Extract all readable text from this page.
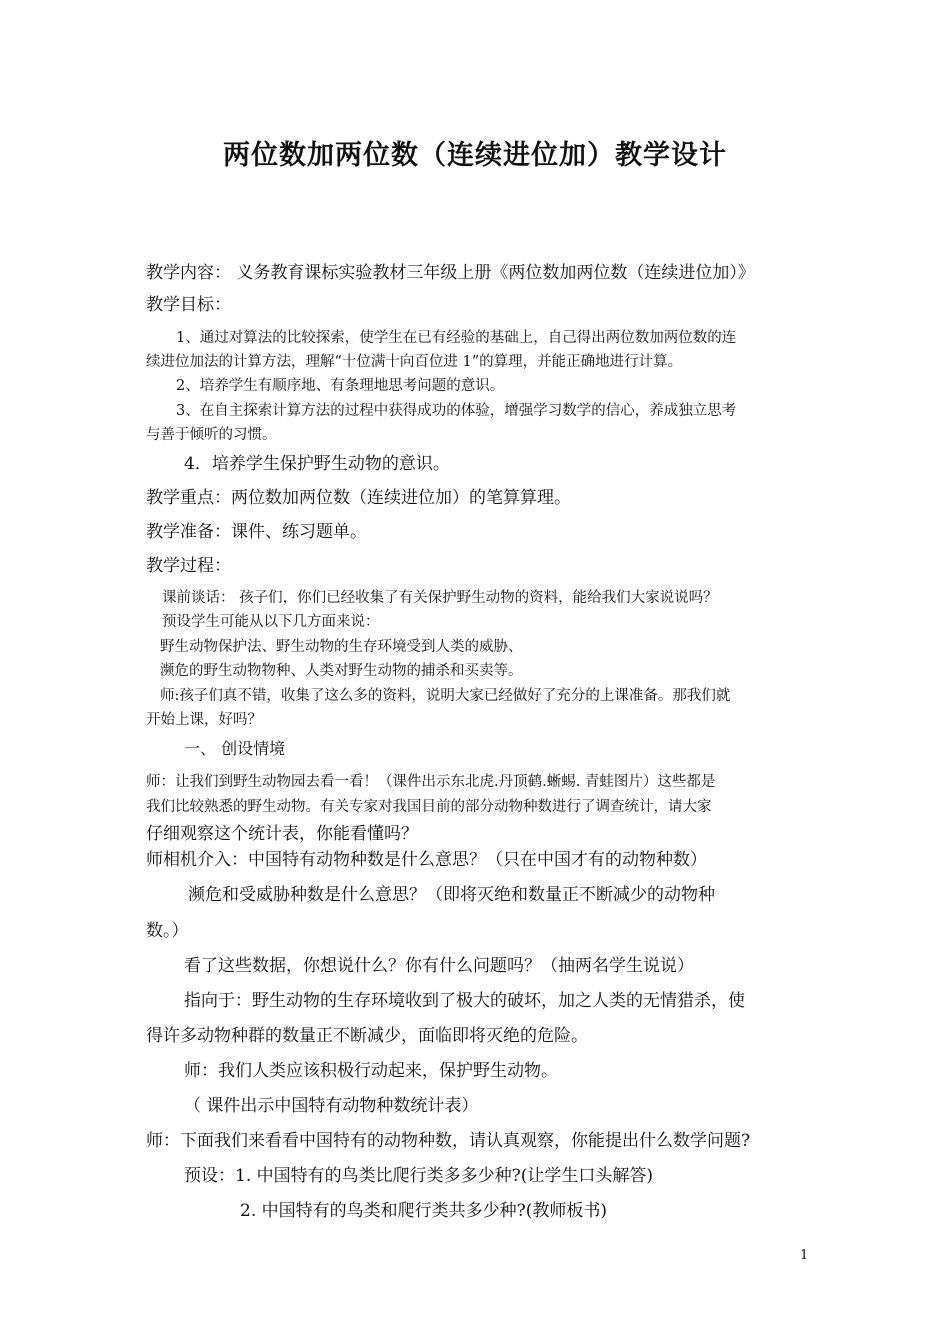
两位数加两位数（连续进位加）教学设计
教学内容： 义务教育课标实验教材三年级上册《两位数加两位数（连续进位加）》
教学目标：
1、通过对算法的比较探索，使学生在已有经验的基础上，自己得出两位数加两位数的连
续进位加法的计算方法，理解“十位满十向百位进 1”的算理，并能正确地进行计算。
2、培养学生有顺序地、有条理地思考问题的意识。
3、在自主探索计算方法的过程中获得成功的体验，增强学习数学的信心，养成独立思考
与善于倾听的习惯。
4．培养学生保护野生动物的意识。
教学重点：两位数加两位数（连续进位加）的笔算算理。
教学准备：课件、练习题单。
教学过程：
课前谈话： 孩子们，你们已经收集了有关保护野生动物的资料，能给我们大家说说吗？
预设学生可能从以下几方面来说：
野生动物保护法、野生动物的生存环境受到人类的威胁、
濒危的野生动物物种、人类对野生动物的捕杀和买卖等。
师:孩子们真不错，收集了这么多的资料，说明大家已经做好了充分的上课准备。那我们就
开始上课，好吗？
一、 创设情境
师：让我们到野生动物园去看一看！（课件出示东北虎.丹顶鹤.蜥蜴. 青蛙图片）这些都是
我们比较熟悉的野生动物。有关专家对我国目前的部分动物种数进行了调查统计，请大家
仔细观察这个统计表，你能看懂吗？
师相机介入：中国特有动物种数是什么意思？（只在中国才有的动物种数）
濒危和受威胁种数是什么意思？（即将灭绝和数量正不断减少的动物种
数。）
看了这些数据，你想说什么？你有什么问题吗？（抽两名学生说说）
指向于：野生动物的生存环境收到了极大的破坏，加之人类的无情猎杀，使
得许多动物种群的数量正不断减少，面临即将灭绝的危险。
师：我们人类应该积极行动起来，保护野生动物。
（ 课件出示中国特有动物种数统计表）
师：下面我们来看看中国特有的动物种数，请认真观察，你能提出什么数学问题?
预设：1. 中国特有的鸟类比爬行类多多少种?(让学生口头解答)
2. 中国特有的鸟类和爬行类共多少种?(教师板书)
1
